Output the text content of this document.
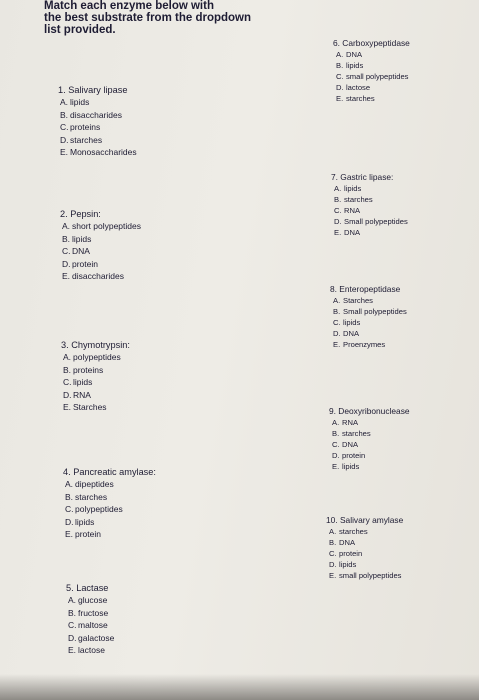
Match each enzyme below with
the best substrate from the dropdown
list provided.
1. Salivary lipase
A. lipids
B. disaccharides
C. proteins
D. starches
E. Monosaccharides
2. Pepsin:
A. short polypeptides
B. lipids
C. DNA
D. protein
E. disaccharides
3. Chymotrypsin:
A. polypeptides
B. proteins
C. lipids
D. RNA
E. Starches
4. Pancreatic amylase:
A. dipeptides
B. starches
C. polypeptides
D. lipids
E. protein
5. Lactase
A. glucose
B. fructose
C. maltose
D. galactose
E. lactose
6. Carboxypeptidase
A. DNA
B. lipids
C. small polypeptides
D. lactose
E. starches
7. Gastric lipase:
A. lipids
B. starches
C. RNA
D. Small polypeptides
E. DNA
8. Enteropeptidase
A. Starches
B. Small polypeptides
C. lipids
D. DNA
E. Proenzymes
9. Deoxyribonuclease
A. RNA
B. starches
C. DNA
D. protein
E. lipids
10. Salivary amylase
A. starches
B. DNA
C. protein
D. lipids
E. small polypeptides
